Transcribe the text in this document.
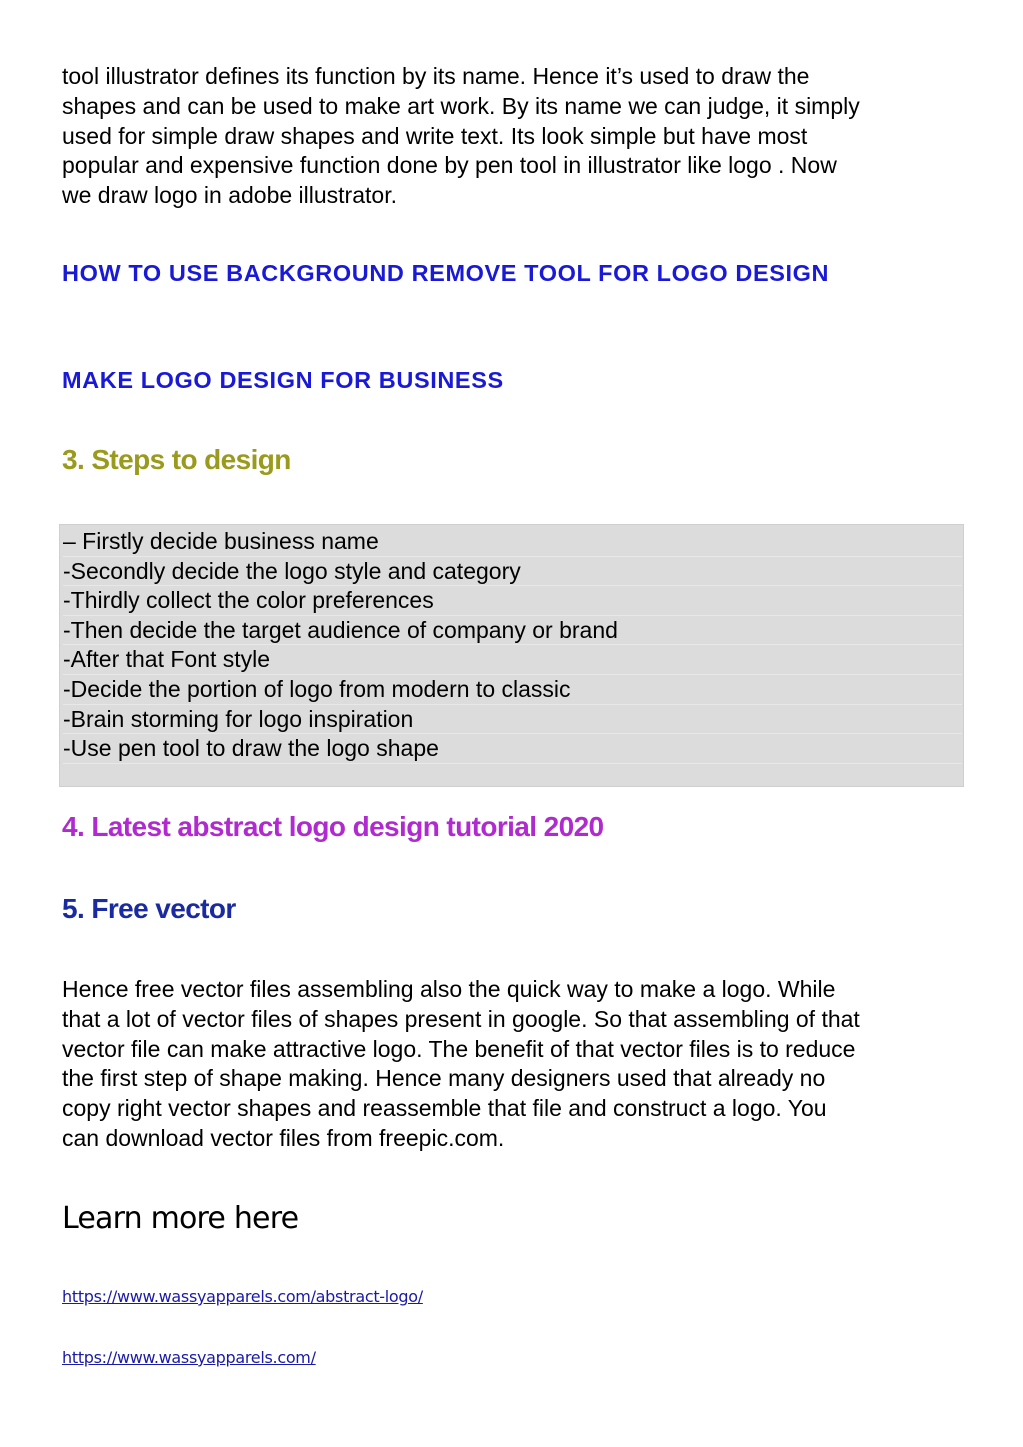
tool illustrator defines its function by its name. Hence it’s used to draw the
shapes and can be used to make art work. By its name we can judge, it simply
used for simple draw shapes and write text. Its look simple but have most
popular and expensive function done by pen tool in illustrator like logo . Now
we draw logo in adobe illustrator.

HOW TO USE BACKGROUND REMOVE TOOL FOR LOGO DESIGN
MAKE LOGO DESIGN FOR BUSINESS
3. Steps to design
– Firstly decide business name
-Secondly decide the logo style and category
-Thirdly collect the color preferences
-Then decide the target audience of company or brand
-After that Font style
-Decide the portion of logo from modern to classic
-Brain storming for logo inspiration
-Use pen tool to draw the logo shape
4. Latest abstract logo design tutorial 2020
5. Free vector

Hence free vector files assembling also the quick way to make a logo. While
that a lot of vector files of shapes present in google. So that assembling of that
vector file can make attractive logo. The benefit of that vector files is to reduce
the first step of shape making. Hence many designers used that already no
copy right vector shapes and reassemble that file and construct a logo. You
can download vector files from freepic.com.

Learn more here
https://www.wassyapparels.com/abstract-logo/
https://www.wassyapparels.com/
